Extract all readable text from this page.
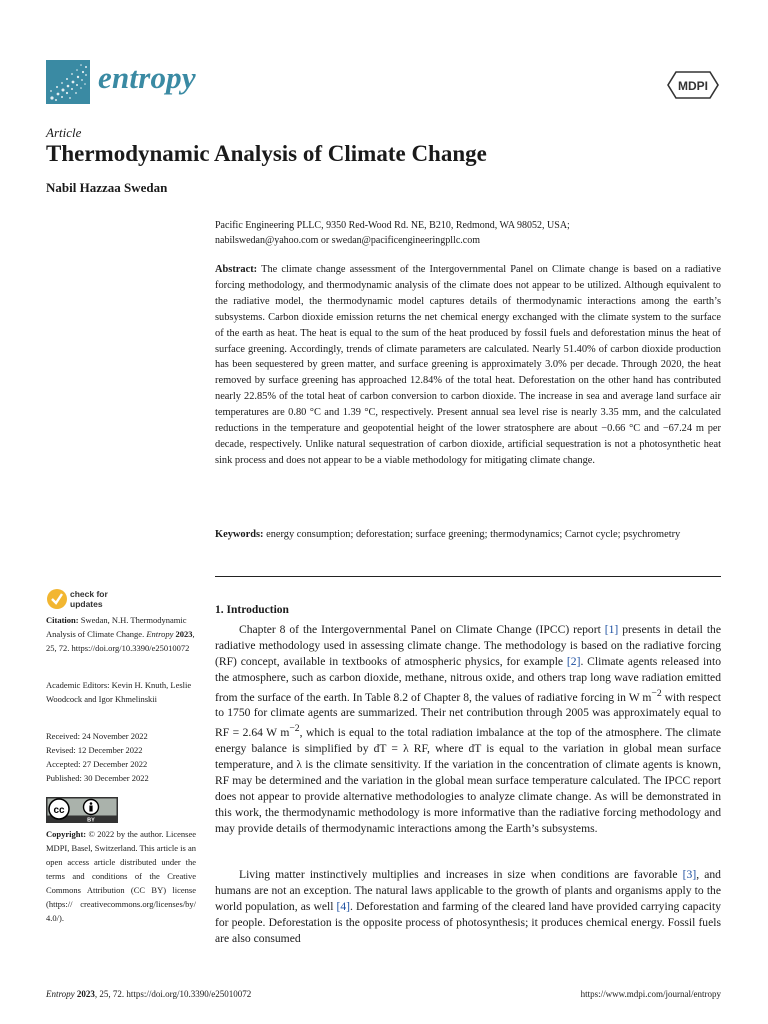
entropy	MDPI
Article
Thermodynamic Analysis of Climate Change
Nabil Hazzaa Swedan
Pacific Engineering PLLC, 9350 Red-Wood Rd. NE, B210, Redmond, WA 98052, USA;
nabilswedan@yahoo.com or swedan@pacificengineeringpllc.com

Abstract: The climate change assessment of the Intergovernmental Panel on Climate change is based on a radiative forcing methodology, and thermodynamic analysis of the climate does not appear to be utilized. Although equivalent to the radiative model, the thermodynamic model captures details of thermodynamic interactions among the earth’s subsystems. Carbon dioxide emission returns the net chemical energy exchanged with the climate system to the surface of the earth as heat. The heat is equal to the sum of the heat produced by fossil fuels and deforestation minus the heat of surface greening. Accordingly, trends of climate parameters are calculated. Nearly 51.40% of carbon dioxide production has been sequestered by green matter, and surface greening is approximately 3.0% per decade. Through 2020, the heat removed by surface greening has approached 12.84% of the total heat. Deforestation on the other hand has contributed nearly 22.85% of the total heat of carbon conversion to carbon dioxide. The increase in sea and average land surface air temperatures are 0.80 °C and 1.39 °C, respectively. Present annual sea level rise is nearly 3.35 mm, and the calculated reductions in the temperature and geopotential height of the lower stratosphere are about −0.66 °C and −67.24 m per decade, respectively. Unlike natural sequestration of carbon dioxide, artificial sequestration is not a photosynthetic heat sink process and does not appear to be a viable methodology for mitigating climate change.

Keywords: energy consumption; deforestation; surface greening; thermodynamics; Carnot cycle; psychrometry

check for
updates
Citation: Swedan, N.H. Thermodynamic Analysis of Climate Change. Entropy 2023, 25, 72. https://doi.org/10.3390/e25010072
Academic Editors: Kevin H. Knuth, Leslie Woodcock and Igor Khmelinskii
Received: 24 November 2022
Revised: 12 December 2022
Accepted: 27 December 2022
Published: 30 December 2022
cc
BY
Copyright: © 2022 by the author. Licensee MDPI, Basel, Switzerland. This article is an open access article distributed under the terms and conditions of the Creative Commons Attribution (CC BY) license (https:// creativecommons.org/licenses/by/ 4.0/).
1. Introduction

Chapter 8 of the Intergovernmental Panel on Climate Change (IPCC) report [1] presents in detail the radiative methodology used in assessing climate change. The methodology is based on the radiative forcing (RF) concept, available in textbooks of atmospheric physics, for example [2]. Climate agents released into the atmosphere, such as carbon dioxide, methane, nitrous oxide, and others trap long wave radiation emitted from the surface of the earth. In Table 8.2 of Chapter 8, the values of radiative forcing in W $m^{-2}$ with respect to 1750 for climate agents are summarized. Their net contribution through 2005 was approximately equal to RF = 2.64 W $m^{-2}$, which is equal to the total radiation imbalance at the top of the atmosphere. The climate energy balance is simplified by dT = λ RF, where dT is equal to the variation in global mean surface temperature, and λ is the climate sensitivity. If the variation in the concentration of climate agents is known, RF may be determined and the variation in the global mean surface temperature calculated. The IPCC report does not appear to provide alternative methodologies to analyze climate change. As will be demonstrated in this work, the thermodynamic methodology is more informative than the radiative forcing methodology and may provide details of thermodynamic interactions among the Earth’s subsystems.

Living matter instinctively multiplies and increases in size when conditions are favorable [3], and humans are not an exception. The natural laws applicable to the growth of plants and organisms apply to the world population, as well [4]. Deforestation and farming of the cleared land have provided carrying capacity for people. Deforestation is the opposite process of photosynthesis; it produces chemical energy. Fossil fuels are also consumed

Entropy 2023, 25, 72. https://doi.org/10.3390/e25010072	https://www.mdpi.com/journal/entropy
